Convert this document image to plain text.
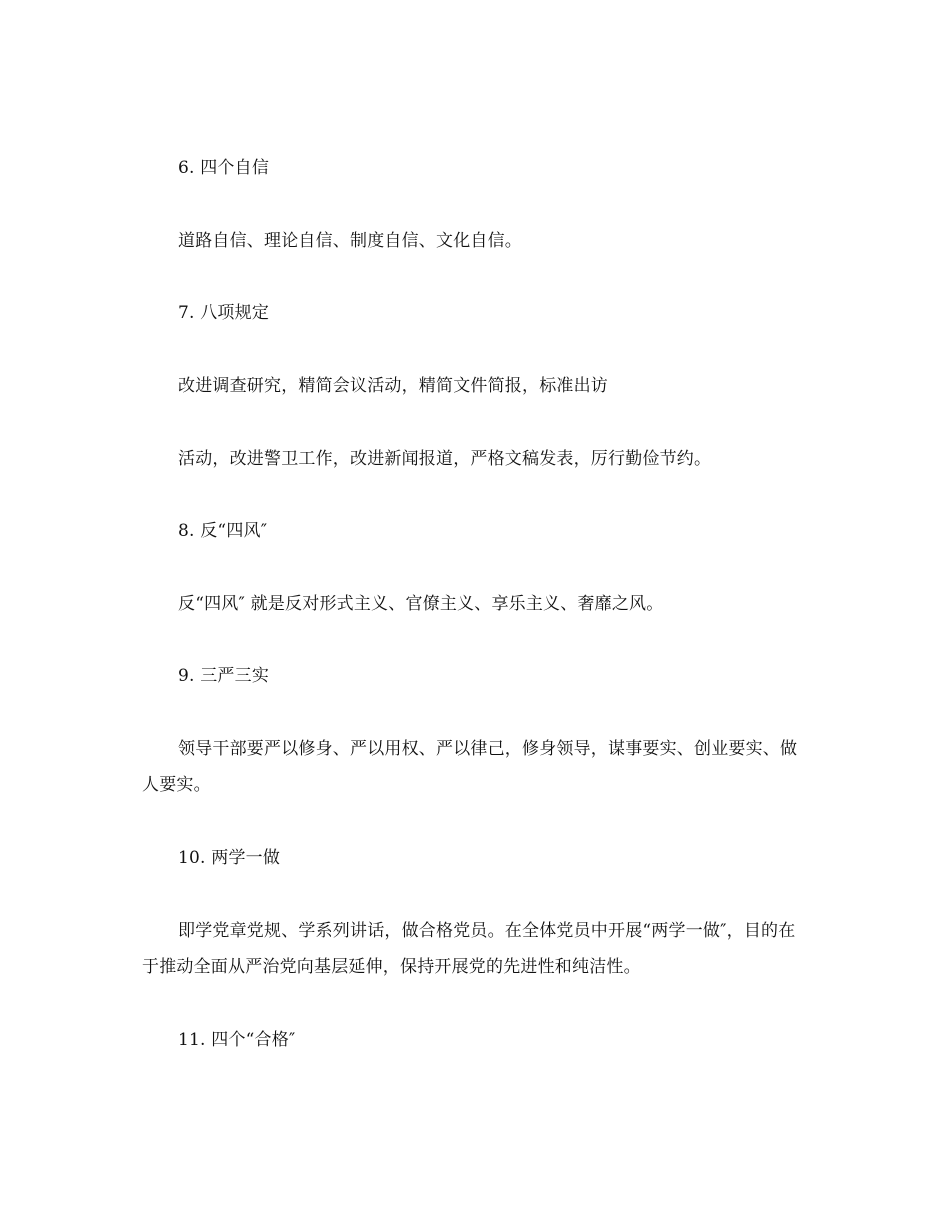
6. 四个自信
道路自信、理论自信、制度自信、文化自信。
7. 八项规定
改进调查研究，精简会议活动，精简文件简报，标准出访
活动，改进警卫工作，改进新闻报道，严格文稿发表，厉行勤俭节约。
8. 反“四风″
反“四风″ 就是反对形式主义、官僚主义、享乐主义、奢靡之风。
9. 三严三实
领导干部要严以修身、严以用权、严以律己，修身领导，谋事要实、创业要实、做人要实。
10. 两学一做
即学党章党规、学系列讲话，做合格党员。在全体党员中开展“两学一做″，目的在于推动全面从严治党向基层延伸，保持开展党的先进性和纯洁性。
11. 四个“合格″
